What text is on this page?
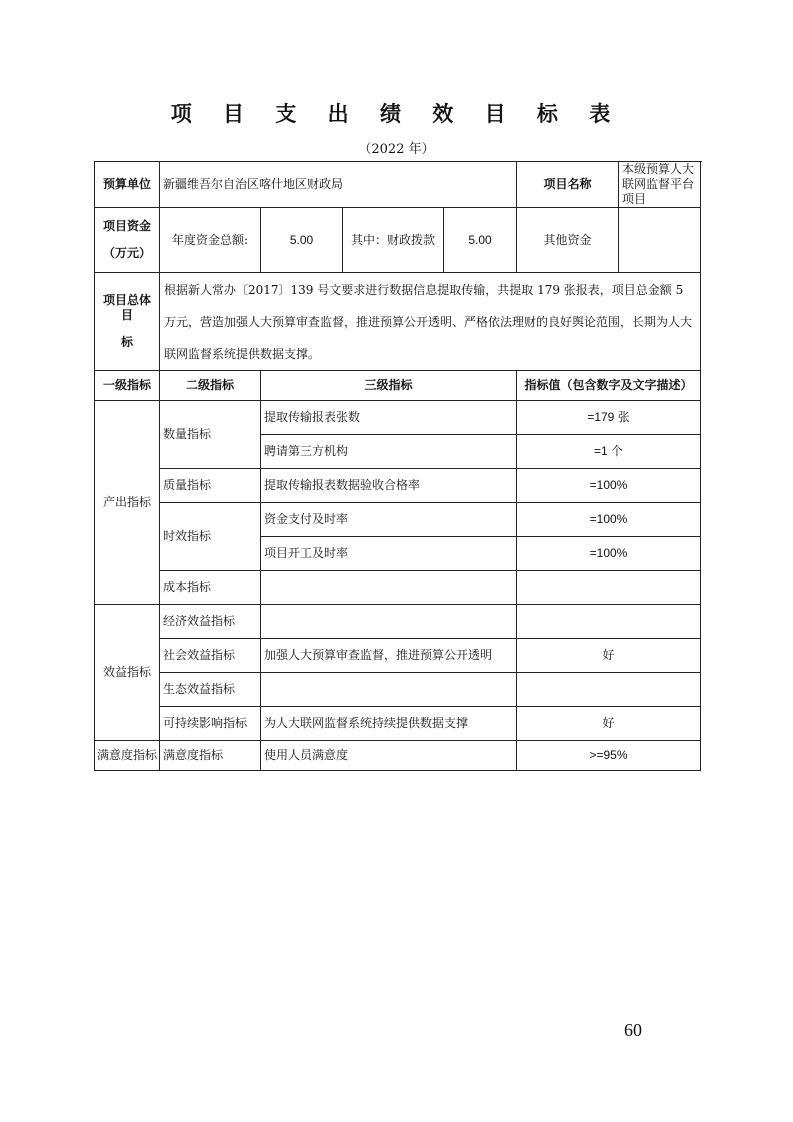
项 目 支 出 绩 效 目 标 表
（2022 年）
预算单位	新疆维吾尔自治区喀什地区财政局				项目名称	本级预算人大联网监督平台项目

项目资金
（万元）	年度资金总额:	5.00	其中：财政拨款	5.00	其他资金	

项目总体目
标	根据新人常办〔2017〕139 号文要求进行数据信息提取传输，共提取 179 张报表，项目总金额 5 万元，营造加强人大预算审查监督，推进预算公开透明、严格依法理财的良好舆论范围，长期为人大联网监督系统提供数据支撑。					
一级指标	二级指标	三级指标			指标值（包含数字及文字描述）	
产出指标	数量指标	提取传输报表张数			=179 张	
		聘请第三方机构			=1 个	
	质量指标	提取传输报表数据验收合格率			=100%	
	时效指标	资金支付及时率			=100%	
		项目开工及时率			=100%	
	成本指标					
效益指标	经济效益指标					
	社会效益指标	加强人大预算审查监督，推进预算公开透明			好	
	生态效益指标					
	可持续影响指标	为人大联网监督系统持续提供数据支撑			好	
满意度指标	满意度指标	使用人员满意度			>=95%	
60
